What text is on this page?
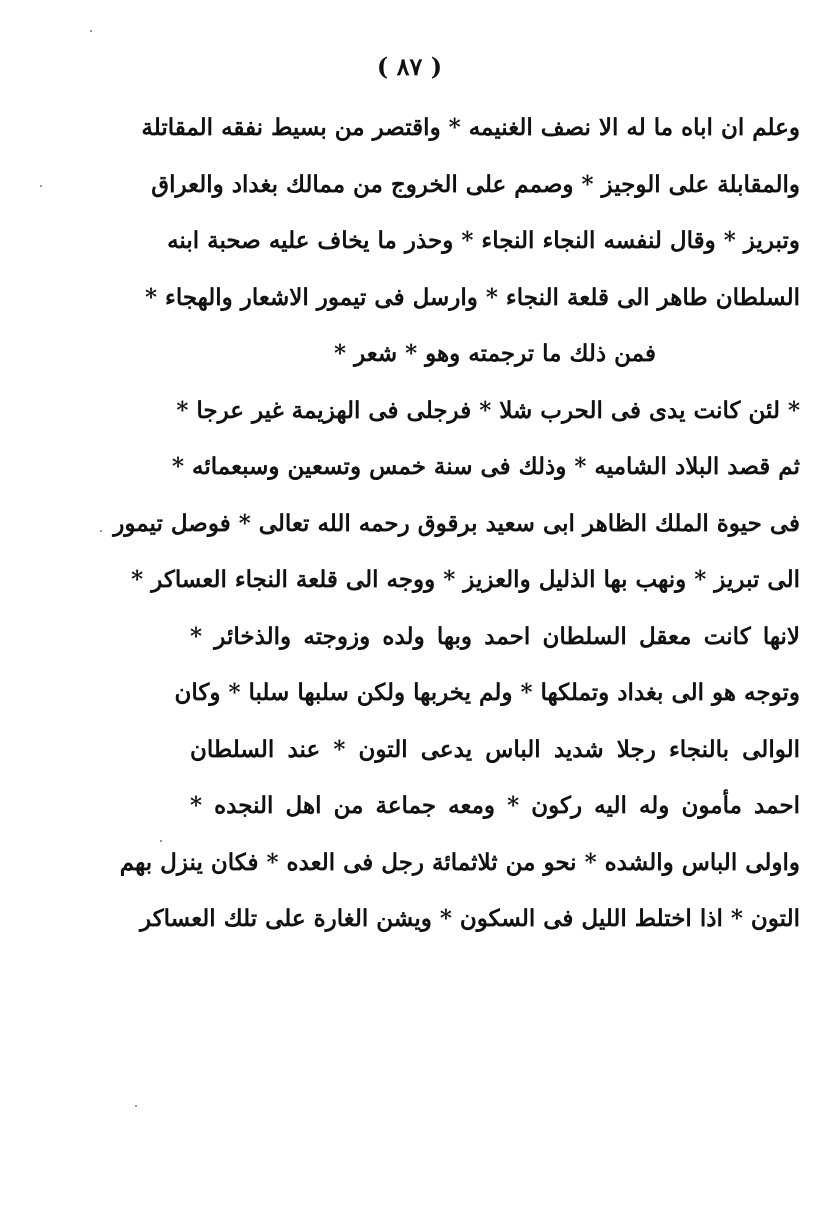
( ٨٧ )
وعلم ان اباه ما له الا نصف الغنيمه * واقتصر من بسيط نفقه المقاتلة
والمقابلة على الوجيز * وصمم على الخروج من ممالك بغداد والعراق
وتبريز * وقال لنفسه النجاء النجاء * وحذر ما يخاف عليه صحبة ابنه
السلطان طاهر الى قلعة النجاء * وارسل فى تيمور الاشعار والهجاء *
فمن ذلك ما ترجمته وهو * شعر *
* لئن كانت يدى فى الحرب شلا * فرجلى فى الهزيمة غير عرجا *
ثم قصد البلاد الشاميه * وذلك فى سنة خمس وتسعين وسبعمائه *
فى حيوة الملك الظاهر ابى سعيد برقوق رحمه الله تعالى * فوصل تيمور
الى تبريز * ونهب بها الذليل والعزيز * ووجه الى قلعة النجاء العساكر *
لانها كانت معقل السلطان احمد وبها ولده وزوجته والذخائر *
وتوجه هو الى بغداد وتملكها * ولم يخربها ولكن سلبها سلبا * وكان
الوالى بالنجاء رجلا شديد الباس يدعى التون * عند السلطان
احمد مأمون وله اليه ركون * ومعه جماعة من اهل النجده *
واولى الباس والشده * نحو من ثلاثمائة رجل فى العده * فكان ينزل بهم
التون * اذا اختلط الليل فى السكون * ويشن الغارة على تلك العساكر
